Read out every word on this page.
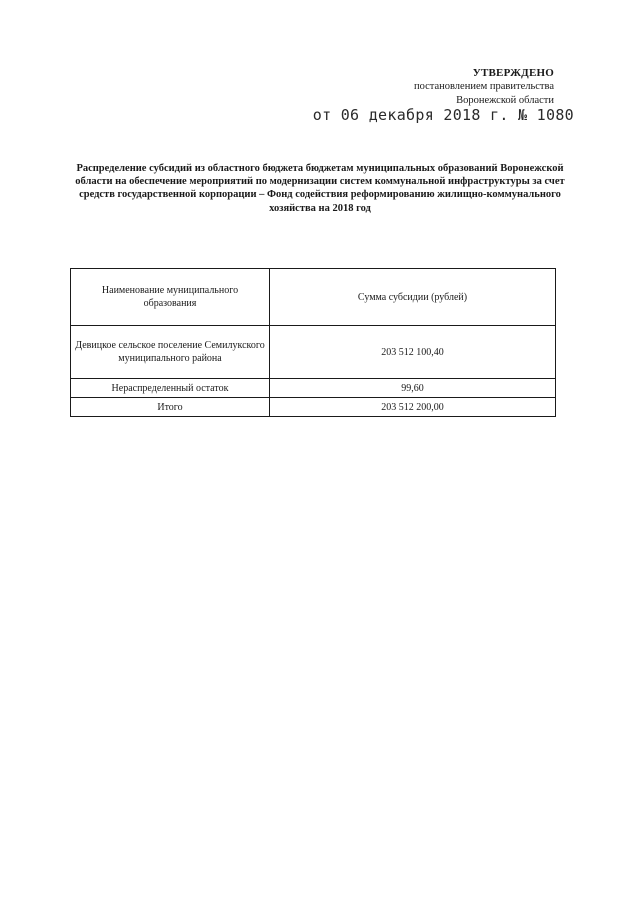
УТВЕРЖДЕНО
постановлением правительства
Воронежской области
от 06 декабря 2018 г. № 1080
Распределение субсидий из областного бюджета бюджетам муниципальных образований Воронежской области на обеспечение мероприятий по модернизации систем коммунальной инфраструктуры за счет средств государственной корпорации – Фонд содействия реформированию жилищно-коммунального хозяйства на 2018 год
Наименование муниципального образования	Сумма субсидии (рублей)
Девицкое сельское поселение Семилукского муниципального района	203 512 100,40
Нераспределенный остаток	99,60
Итого	203 512 200,00
